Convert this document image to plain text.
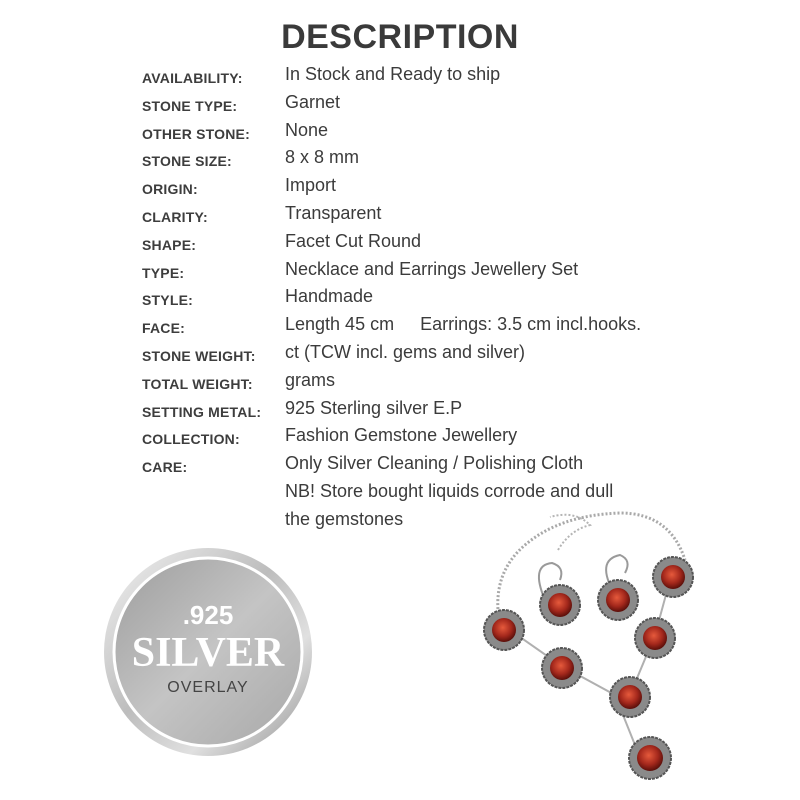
DESCRIPTION
AVAILABILITY: In Stock and Ready to ship
STONE TYPE:	Garnet
OTHER STONE: None
STONE SIZE:	8 x 8 mm
ORIGIN:	Import
CLARITY:	Transparent
SHAPE:	Facet Cut Round
TYPE:	Necklace and Earrings Jewellery Set
STYLE:	Handmade
FACE:	Length 45 cm Earrings: 3.5 cm incl.hooks.
STONE WEIGHT: ct (TCW incl. gems and silver)
TOTAL WEIGHT: grams
SETTING METAL: 925 Sterling silver E.P
COLLECTION:	Fashion Gemstone Jewellery
CARE:	Only Silver Cleaning / Polishing Cloth
NB! Store bought liquids corrode and dull
the gemstones
.925
SILVER
OVERLAY
